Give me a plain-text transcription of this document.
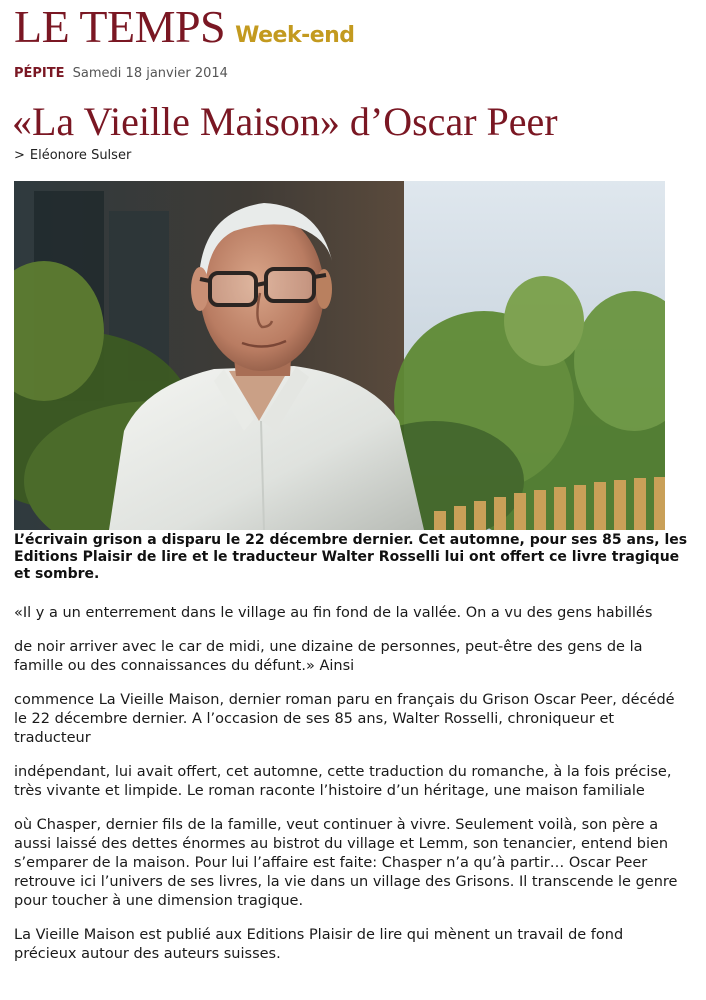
LE TEMPS Week-end
PÉPITE Samedi 18 janvier 2014
«La Vieille Maison» d’Oscar Peer
> Eléonore Sulser

L’écrivain grison a disparu le 22 décembre dernier. Cet automne, pour ses 85 ans, les Editions Plaisir de lire et le traducteur Walter Rosselli lui ont offert ce livre tragique et sombre.

«Il y a un enterrement dans le village au fin fond de la vallée. On a vu des gens habillés

de noir arriver avec le car de midi, une dizaine de personnes, peut-être des gens de la famille ou des connaissances du défunt.» Ainsi

commence La Vieille Maison, dernier roman paru en français du Grison Oscar Peer, décédé le 22 décembre dernier. A l’occasion de ses 85 ans, Walter Rosselli, chroniqueur et traducteur

indépendant, lui avait offert, cet automne, cette traduction du romanche, à la fois précise, très vivante et limpide. Le roman raconte l’histoire d’un héritage, une maison familiale

où Chasper, dernier fils de la famille, veut continuer à vivre. Seulement voilà, son père a aussi laissé des dettes énormes au bistrot du village et Lemm, son tenancier, entend bien s’emparer de la maison. Pour lui l’affaire est faite: Chasper n’a qu’à partir… Oscar Peer retrouve ici l’univers de ses livres, la vie dans un village des Grisons. Il transcende le genre pour toucher à une dimension tragique.

La Vieille Maison est publié aux Editions Plaisir de lire qui mènent un travail de fond précieux autour des auteurs suisses.
